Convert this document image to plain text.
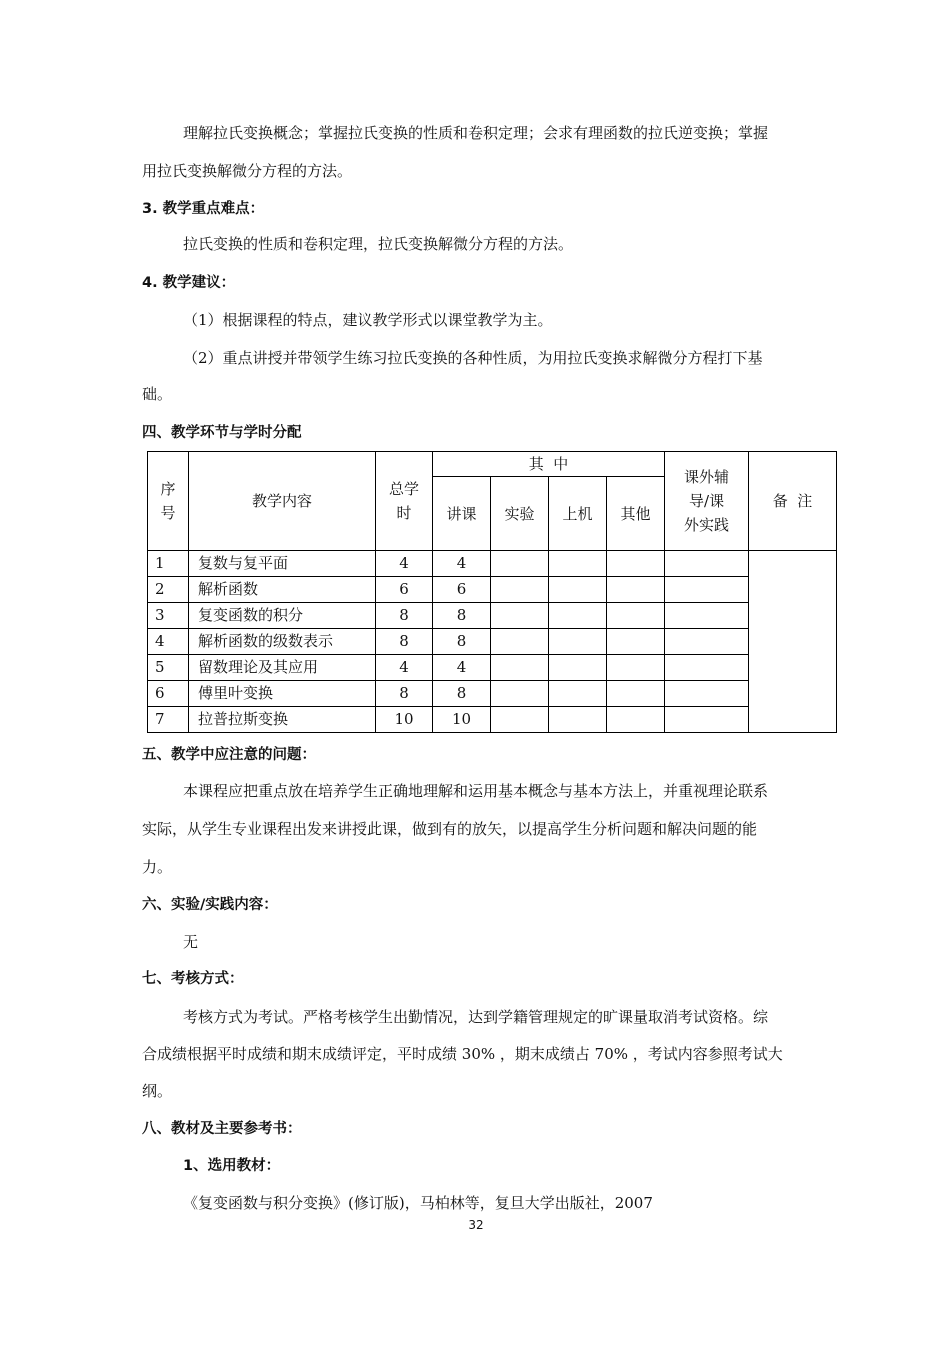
理解拉氏变换概念；掌握拉氏变换的性质和卷积定理；会求有理函数的拉氏逆变换；掌握
用拉氏变换解微分方程的方法。
3. 教学重点难点：
拉氏变换的性质和卷积定理，拉氏变换解微分方程的方法。
4. 教学建议：
（1）根据课程的特点，建议教学形式以课堂教学为主。
（2）重点讲授并带领学生练习拉氏变换的各种性质，为用拉氏变换求解微分方程打下基
础。
四、教学环节与学时分配
序号	教学内容	总学时	其  中				课外辅导/课外实践	备  注
			讲课	实验	上机	其他		
1	复数与复平面	4	4					
2	解析函数	6	6					
3	复变函数的积分	8	8					
4	解析函数的级数表示	8	8					
5	留数理论及其应用	4	4					
6	傅里叶变换	8	8					
7	拉普拉斯变换	10	10					
五、教学中应注意的问题：
本课程应把重点放在培养学生正确地理解和运用基本概念与基本方法上，并重视理论联系
实际，从学生专业课程出发来讲授此课，做到有的放矢，以提高学生分析问题和解决问题的能
力。
六、实验/实践内容：
无
七、考核方式：
考核方式为考试。严格考核学生出勤情况，达到学籍管理规定的旷课量取消考试资格。综
合成绩根据平时成绩和期末成绩评定，平时成绩 30% ，期末成绩占 70% ，考试内容参照考试大
纲。
八、教材及主要参考书：
1、选用教材：
《复变函数与积分变换》(修订版)，马柏林等，复旦大学出版社，2007
32
